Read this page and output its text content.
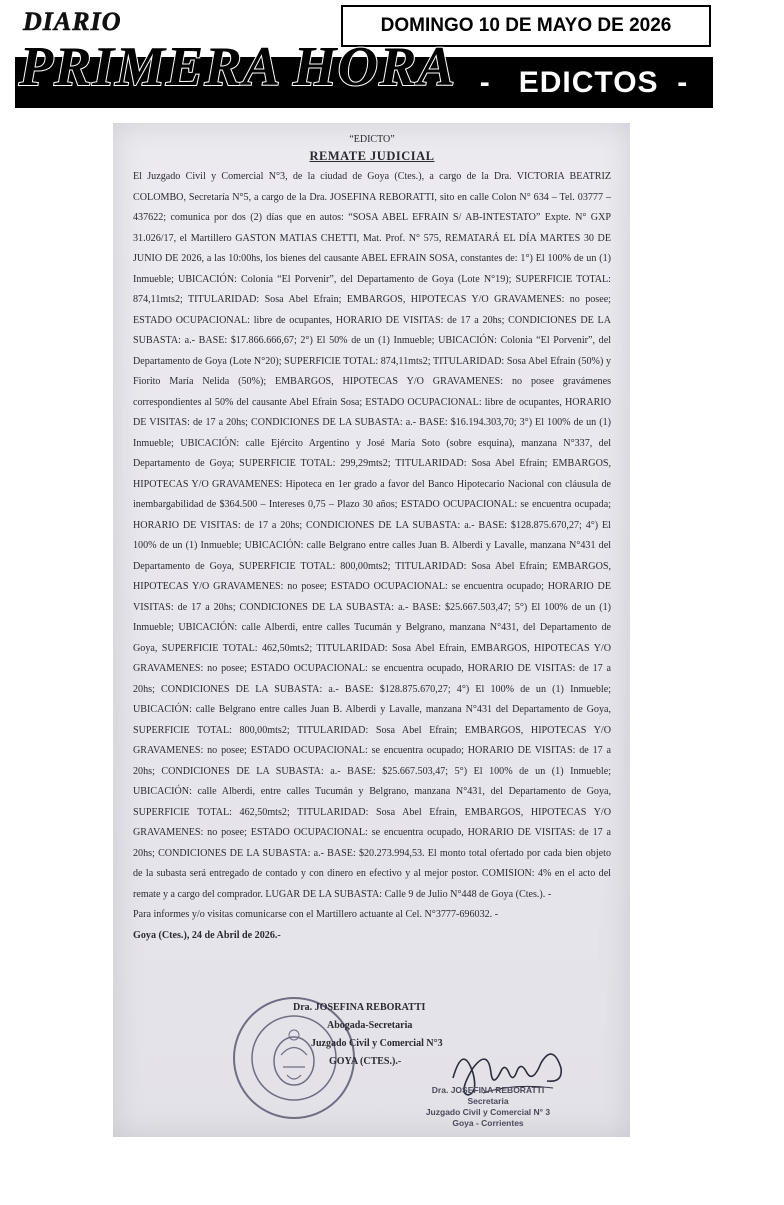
DIARIO	DOMINGO 10 DE MAYO DE 2026
PRIMERA HORA -   EDICTOS  -

“EDICTO”

REMATE JUDICIAL

El Juzgado Civil y Comercial N°3, de la ciudad de Goya (Ctes.), a cargo de la Dra. VICTORIA BEATRIZ COLOMBO, Secretaría N°5, a cargo de la Dra. JOSEFINA REBORATTI, sito en calle Colon N° 634 – Tel. 03777 – 437622; comunica por dos (2) días que en autos: “SOSA ABEL EFRAIN S/ AB-INTESTATO” Expte. N° GXP 31.026/17, el Martillero GASTON MATIAS CHETTI, Mat. Prof. N° 575, REMATARÁ EL DÍA MARTES 30 DE JUNIO DE 2026, a las 10:00hs, los bienes del causante ABEL EFRAIN SOSA, constantes de: 1°) El 100% de un (1) Inmueble; UBICACIÓN: Colonia “El Porvenir”, del Departamento de Goya (Lote N°19); SUPERFICIE TOTAL: 874,11mts2; TITULARIDAD: Sosa Abel Efrain; EMBARGOS, HIPOTECAS Y/O GRAVAMENES: no posee; ESTADO OCUPACIONAL: libre de ocupantes, HORARIO DE VISITAS: de 17 a 20hs; CONDICIONES DE LA SUBASTA: a.- BASE: $17.866.666,67; 2°) El 50% de un (1) Inmueble; UBICACIÓN: Colonia “El Porvenir”, del Departamento de Goya (Lote N°20); SUPERFICIE TOTAL: 874,11mts2; TITULARIDAD: Sosa Abel Efrain (50%) y Fiorito María Nelida (50%); EMBARGOS, HIPOTECAS Y/O GRAVAMENES: no posee gravámenes correspondientes al 50% del causante Abel Efrain Sosa; ESTADO OCUPACIONAL: libre de ocupantes, HORARIO DE VISITAS: de 17 a 20hs; CONDICIONES DE LA SUBASTA: a.- BASE: $16.194.303,70; 3°) El 100% de un (1) Inmueble; UBICACIÓN: calle Ejército Argentino y José María Soto (sobre esquina), manzana N°337, del Departamento de Goya; SUPERFICIE TOTAL: 299,29mts2; TITULARIDAD: Sosa Abel Efrain; EMBARGOS, HIPOTECAS Y/O GRAVAMENES: Hipoteca en 1er grado a favor del Banco Hipotecario Nacional con cláusula de inembargabilidad de $364.500 – Intereses 0,75 – Plazo 30 años; ESTADO OCUPACIONAL: se encuentra ocupada; HORARIO DE VISITAS: de 17 a 20hs; CONDICIONES DE LA SUBASTA: a.- BASE: $128.875.670,27; 4°) El 100% de un (1) Inmueble; UBICACIÓN: calle Belgrano entre calles Juan B. Alberdi y Lavalle, manzana N°431 del Departamento de Goya, SUPERFICIE TOTAL: 800,00mts2; TITULARIDAD: Sosa Abel Efrain; EMBARGOS, HIPOTECAS Y/O GRAVAMENES: no posee; ESTADO OCUPACIONAL: se encuentra ocupado; HORARIO DE VISITAS: de 17 a 20hs; CONDICIONES DE LA SUBASTA: a.- BASE: $25.667.503,47; 5°) El 100% de un (1) Inmueble; UBICACIÓN: calle Alberdi, entre calles Tucumán y Belgrano, manzana N°431, del Departamento de Goya, SUPERFICIE TOTAL: 462,50mts2; TITULARIDAD: Sosa Abel Efrain, EMBARGOS, HIPOTECAS Y/O GRAVAMENES: no posee; ESTADO OCUPACIONAL: se encuentra ocupado, HORARIO DE VISITAS: de 17 a 20hs; CONDICIONES DE LA SUBASTA: a.- BASE: $128.875.670,27; 4°) El 100% de un (1) Inmueble; UBICACIÓN: calle Belgrano entre calles Juan B. Alberdi y Lavalle, manzana N°431 del Departamento de Goya, SUPERFICIE TOTAL: 800,00mts2; TITULARIDAD: Sosa Abel Efrain; EMBARGOS, HIPOTECAS Y/O GRAVAMENES: no posee; ESTADO OCUPACIONAL: se encuentra ocupado; HORARIO DE VISITAS: de 17 a 20hs; CONDICIONES DE LA SUBASTA: a.- BASE: $25.667.503,47; 5°) El 100% de un (1) Inmueble; UBICACIÓN: calle Alberdi, entre calles Tucumán y Belgrano, manzana N°431, del Departamento de Goya, SUPERFICIE TOTAL: 462,50mts2; TITULARIDAD: Sosa Abel Efrain, EMBARGOS, HIPOTECAS Y/O GRAVAMENES: no posee; ESTADO OCUPACIONAL: se encuentra ocupado, HORARIO DE VISITAS: de 17 a 20hs; CONDICIONES DE LA SUBASTA: a.- BASE: $20.273.994,53. El monto total ofertado por cada bien objeto de la subasta será entregado de contado y con dinero en efectivo y al mejor postor. COMISION: 4% en el acto del remate y a cargo del comprador. LUGAR DE LA SUBASTA: Calle 9 de Julio N°448 de Goya (Ctes.). -

Para informes y/o visitas comunicarse con el Martillero actuante al Cel. N°3777-696032. -

Goya (Ctes.), 24 de Abril de 2026.-

Dra. JOSEFINA REBORATTI
Abogada-Secretaria
Juzgado Civil y Comercial N°3
GOYA (CTES.).-
Dra. JOSEFINA REBORATTI
Secretaria
Juzgado Civil y Comercial N° 3
Goya - Corrientes
